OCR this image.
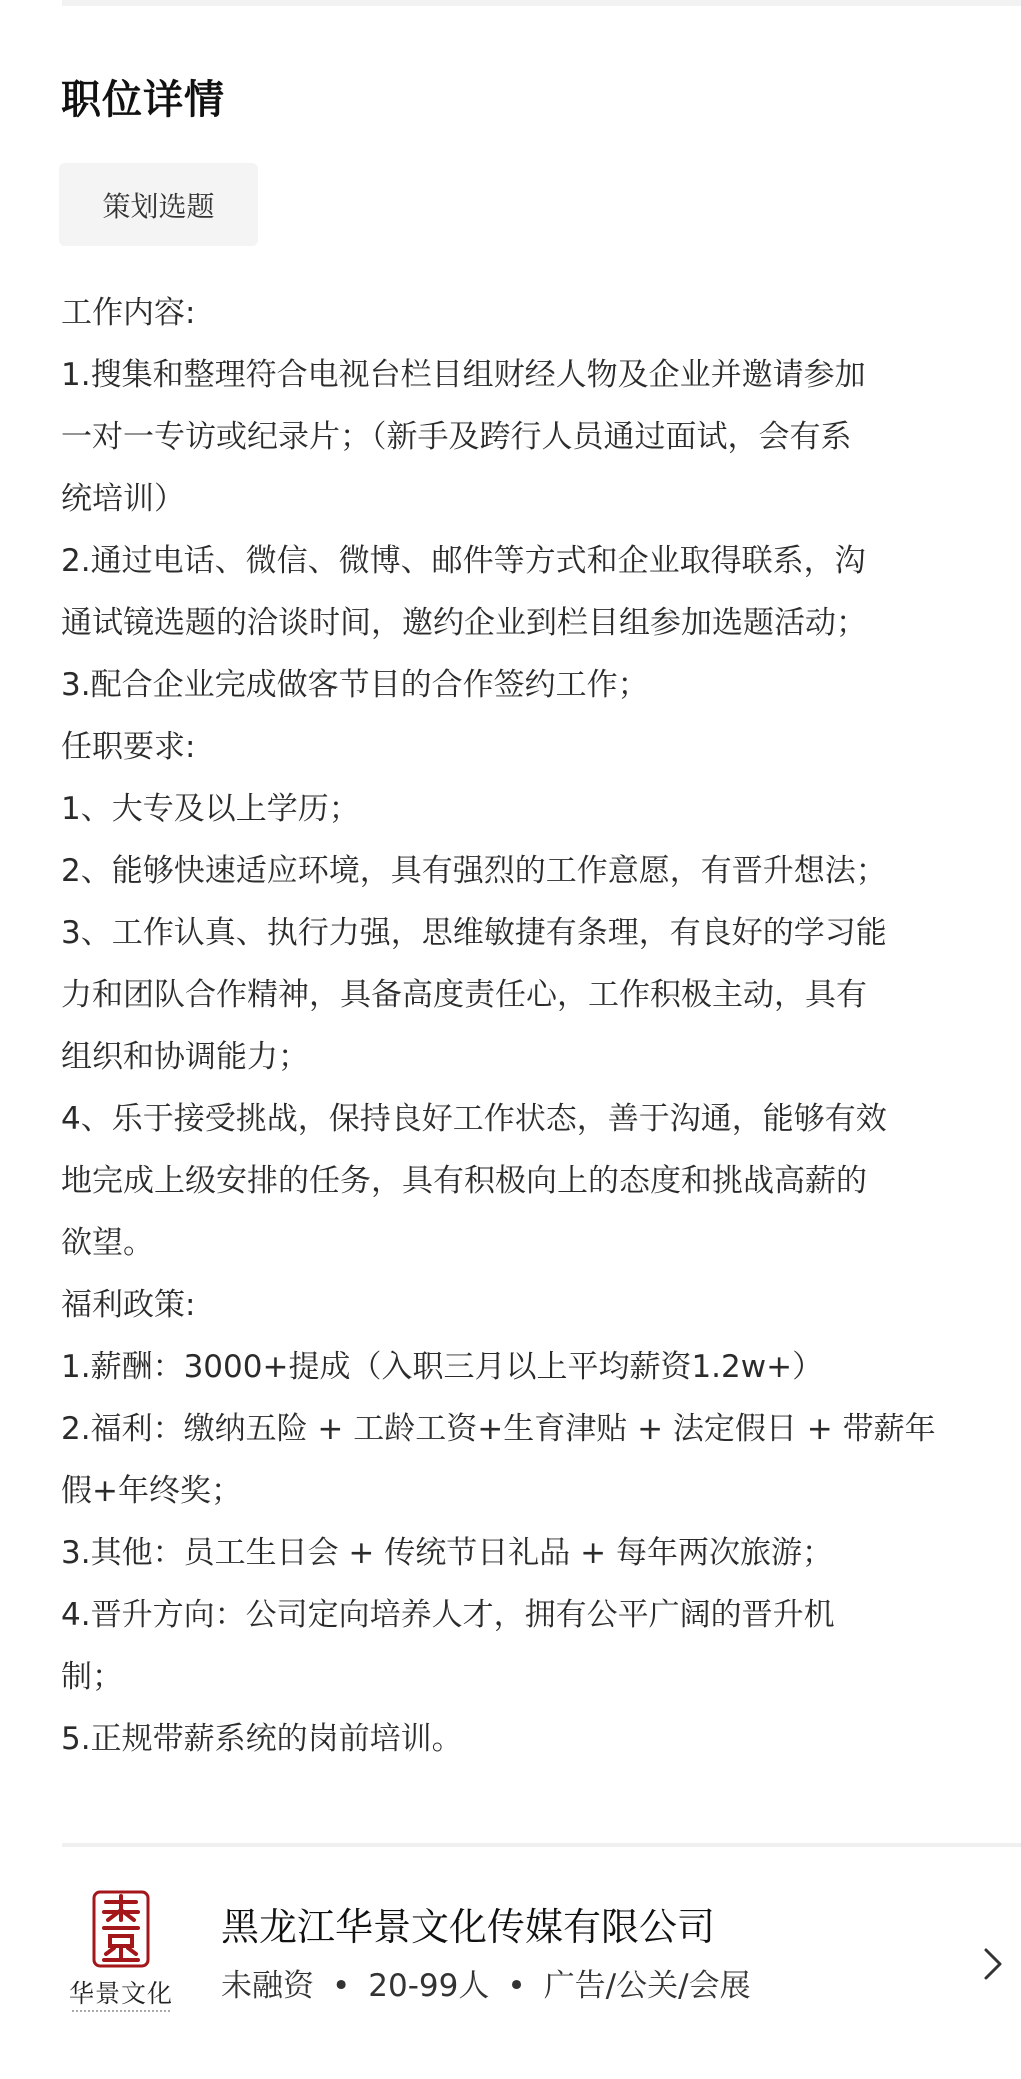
职位详情
策划选题
工作内容:
1.搜集和整理符合电视台栏目组财经人物及企业并邀请参加
一对一专访或纪录片；（新手及跨行人员通过面试，会有系
统培训）
2.通过电话、微信、微博、邮件等方式和企业取得联系，沟
通试镜选题的洽谈时间，邀约企业到栏目组参加选题活动；
3.配合企业完成做客节目的合作签约工作；
任职要求:
1、大专及以上学历；
2、能够快速适应环境，具有强烈的工作意愿，有晋升想法；
3、工作认真、执行力强，思维敏捷有条理，有良好的学习能
力和团队合作精神，具备高度责任心，工作积极主动，具有
组织和协调能力；
4、乐于接受挑战，保持良好工作状态，善于沟通，能够有效
地完成上级安排的任务，具有积极向上的态度和挑战高薪的
欲望。
福利政策:
1.薪酬：3000+提成（入职三月以上平均薪资1.2w+）
2.福利：缴纳五险 + 工龄工资+生育津贴 + 法定假日 + 带薪年
假+年终奖；
3.其他：员工生日会 + 传统节日礼品 + 每年两次旅游；
4.晋升方向：公司定向培养人才，拥有公平广阔的晋升机
制；
5.正规带薪系统的岗前培训。
华景文化
黑龙江华景文化传媒有限公司
未融资 • 20-99人 • 广告/公关/会展
